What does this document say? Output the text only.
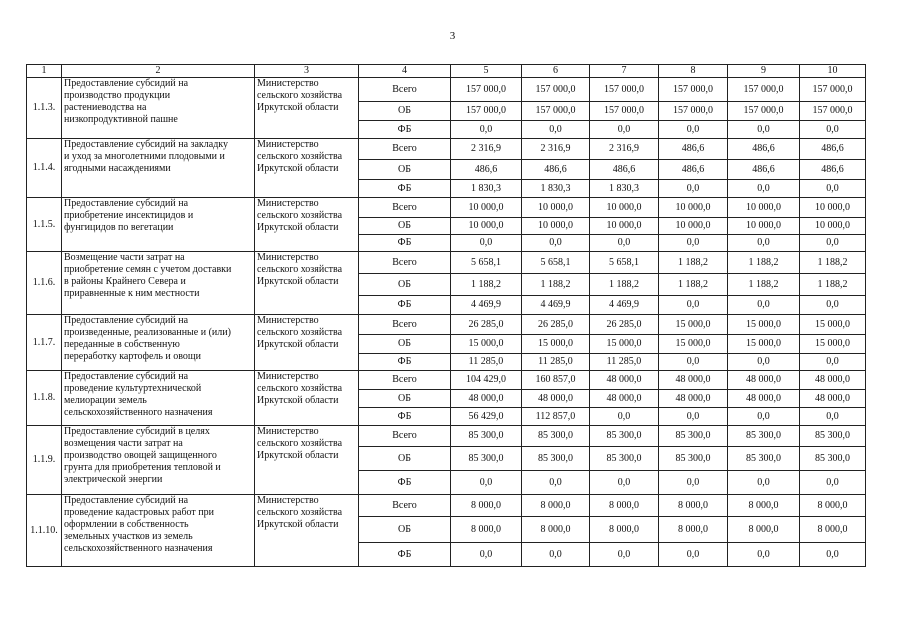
3
1	2	3	4	5	6	7	8	9	10
1.1.3.	Предоставление субсидий на
производство продукции
растениеводства на
низкопродуктивной пашне	Министерство
сельского хозяйства
Иркутской области	Всего	157 000,0	157 000,0	157 000,0	157 000,0	157 000,0	157 000,0
			ОБ	157 000,0	157 000,0	157 000,0	157 000,0	157 000,0	157 000,0
			ФБ	0,0	0,0	0,0	0,0	0,0	0,0
1.1.4.	Предоставление субсидий на закладку
и уход за многолетними плодовыми и
ягодными насаждениями	Министерство
сельского хозяйства
Иркутской области	Всего	2 316,9	2 316,9	2 316,9	486,6	486,6	486,6
			ОБ	486,6	486,6	486,6	486,6	486,6	486,6
			ФБ	1 830,3	1 830,3	1 830,3	0,0	0,0	0,0
1.1.5.	Предоставление субсидий на
приобретение инсектицидов и
фунгицидов по вегетации	Министерство
сельского хозяйства
Иркутской области	Всего	10 000,0	10 000,0	10 000,0	10 000,0	10 000,0	10 000,0
			ОБ	10 000,0	10 000,0	10 000,0	10 000,0	10 000,0	10 000,0
			ФБ	0,0	0,0	0,0	0,0	0,0	0,0
1.1.6.	Возмещение части затрат на
приобретение семян с учетом доставки
в районы Крайнего Севера и
приравненные к ним местности	Министерство
сельского хозяйства
Иркутской области	Всего	5 658,1	5 658,1	5 658,1	1 188,2	1 188,2	1 188,2
			ОБ	1 188,2	1 188,2	1 188,2	1 188,2	1 188,2	1 188,2
			ФБ	4 469,9	4 469,9	4 469,9	0,0	0,0	0,0
1.1.7.	Предоставление субсидий на
произведенные, реализованные и (или)
переданные в собственную
переработку картофель и овощи	Министерство
сельского хозяйства
Иркутской области	Всего	26 285,0	26 285,0	26 285,0	15 000,0	15 000,0	15 000,0
			ОБ	15 000,0	15 000,0	15 000,0	15 000,0	15 000,0	15 000,0
			ФБ	11 285,0	11 285,0	11 285,0	0,0	0,0	0,0
1.1.8.	Предоставление субсидий на
проведение культуртехнической
мелиорации земель
сельскохозяйственного назначения	Министерство
сельского хозяйства
Иркутской области	Всего	104 429,0	160 857,0	48 000,0	48 000,0	48 000,0	48 000,0
			ОБ	48 000,0	48 000,0	48 000,0	48 000,0	48 000,0	48 000,0
			ФБ	56 429,0	112 857,0	0,0	0,0	0,0	0,0
1.1.9.	Предоставление субсидий в целях
возмещения части затрат на
производство овощей защищенного
грунта для приобретения тепловой и
электрической энергии	Министерство
сельского хозяйства
Иркутской области	Всего	85 300,0	85 300,0	85 300,0	85 300,0	85 300,0	85 300,0
			ОБ	85 300,0	85 300,0	85 300,0	85 300,0	85 300,0	85 300,0
			ФБ	0,0	0,0	0,0	0,0	0,0	0,0
1.1.10.	Предоставление субсидий на
проведение кадастровых работ при
оформлении в собственность
земельных участков из земель
сельскохозяйственного назначения	Министерство
сельского хозяйства
Иркутской области	Всего	8 000,0	8 000,0	8 000,0	8 000,0	8 000,0	8 000,0
			ОБ	8 000,0	8 000,0	8 000,0	8 000,0	8 000,0	8 000,0
			ФБ	0,0	0,0	0,0	0,0	0,0	0,0
